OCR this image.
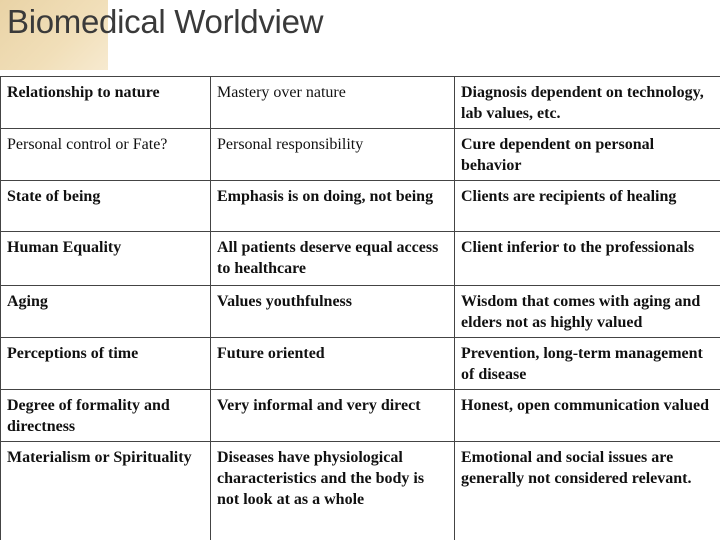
Biomedical Worldview
Relationship to nature	Mastery over nature	Diagnosis dependent on technology, lab values, etc.
Personal control or Fate?	Personal responsibility	Cure dependent on personal behavior
State of being	Emphasis is on doing, not being	Clients are recipients of healing
Human Equality	All patients deserve equal access to healthcare	Client inferior to the professionals
Aging	Values youthfulness	Wisdom that comes with aging and elders not as highly valued
Perceptions of time	Future oriented	Prevention, long-term management of disease
Degree of formality and directness	Very informal and very direct	Honest, open communication valued
Materialism or Spirituality	Diseases have physiological characteristics and the body is not look at as a whole	Emotional and social issues are generally not considered relevant.
